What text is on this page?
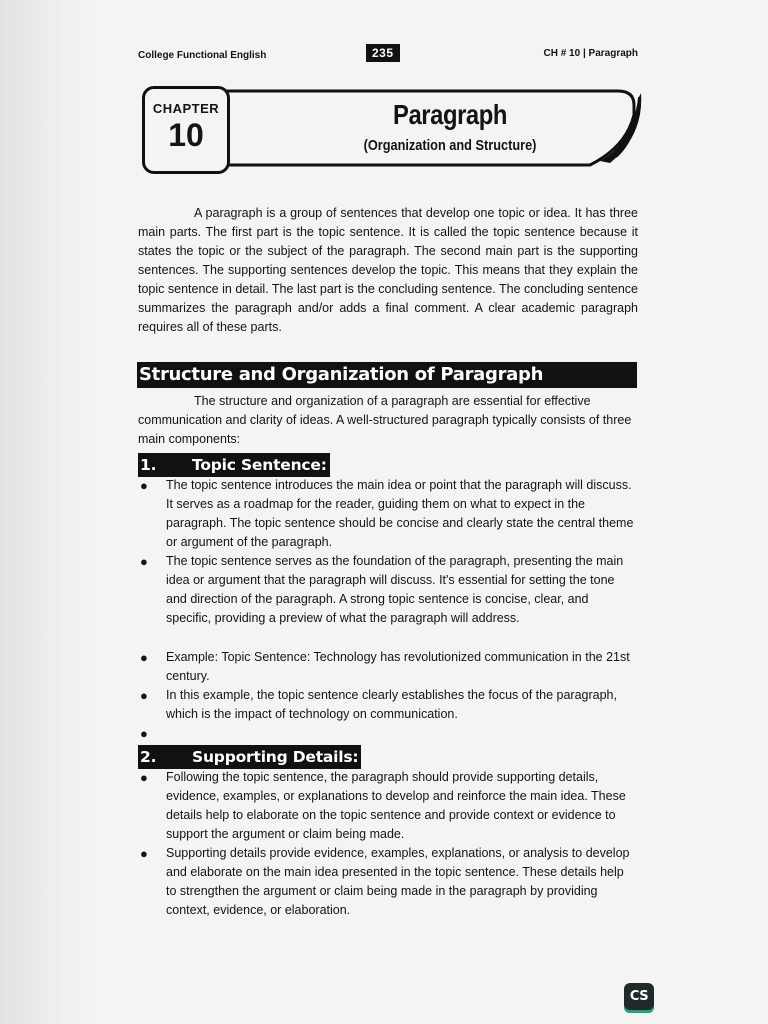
College Functional English	235	CH # 10 | Paragraph
CHAPTER
10
Paragraph
(Organization and Structure)
A paragraph is a group of sentences that develop one topic or idea. It has three main parts. The first part is the topic sentence. It is called the topic sentence because it states the topic or the subject of the paragraph. The second main part is the supporting sentences. The supporting sentences develop the topic. This means that they explain the topic sentence in detail. The last part is the concluding sentence. The concluding sentence summarizes the paragraph and/or adds a final comment. A clear academic paragraph requires all of these parts.
Structure and Organization of Paragraph
The structure and organization of a paragraph are essential for effective communication and clarity of ideas. A well-structured paragraph typically consists of three main components:
1. Topic Sentence:
● The topic sentence introduces the main idea or point that the paragraph will discuss. It serves as a roadmap for the reader, guiding them on what to expect in the paragraph. The topic sentence should be concise and clearly state the central theme or argument of the paragraph.
● The topic sentence serves as the foundation of the paragraph, presenting the main idea or argument that the paragraph will discuss. It's essential for setting the tone and direction of the paragraph. A strong topic sentence is concise, clear, and specific, providing a preview of what the paragraph will address.
● Example: Topic Sentence: Technology has revolutionized communication in the 21st century.
● In this example, the topic sentence clearly establishes the focus of the paragraph, which is the impact of technology on communication.
●
2. Supporting Details:
● Following the topic sentence, the paragraph should provide supporting details, evidence, examples, or explanations to develop and reinforce the main idea. These details help to elaborate on the topic sentence and provide context or evidence to support the argument or claim being made.
● Supporting details provide evidence, examples, explanations, or analysis to develop and elaborate on the main idea presented in the topic sentence. These details help to strengthen the argument or claim being made in the paragraph by providing context, evidence, or elaboration.
CS
